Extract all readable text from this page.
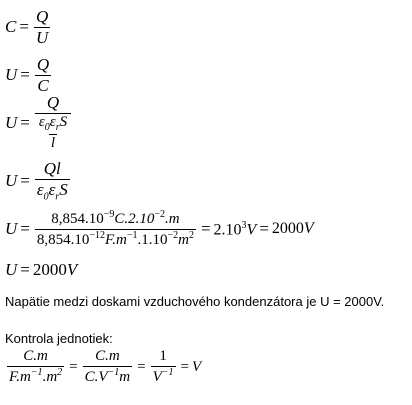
$C = \frac{Q}{U}$
$U = \frac{Q}{C}$
$U = \frac{Q}{\frac{\varepsilon_0\varepsilon_rS}{l}}$
$U = \frac{Ql}{\varepsilon_0\varepsilon_rS}$
$U = \frac{8,854.10^{-9}C.2.10^{-2}.m}{8,854.10^{-12}F.m^{-1}.1.10^{-2}m^2} = 2.10^3V = 2000V$
U = 2000 V
Napätie medzi doskami vzduchového kondenzátora je U = 2000V.
Kontrola jednotiek:
$\frac{C.m}{F.m^{-1}.m^2} = \frac{C.m}{C.V^{-1}m} = \frac{1}{V^{-1}} = V$
